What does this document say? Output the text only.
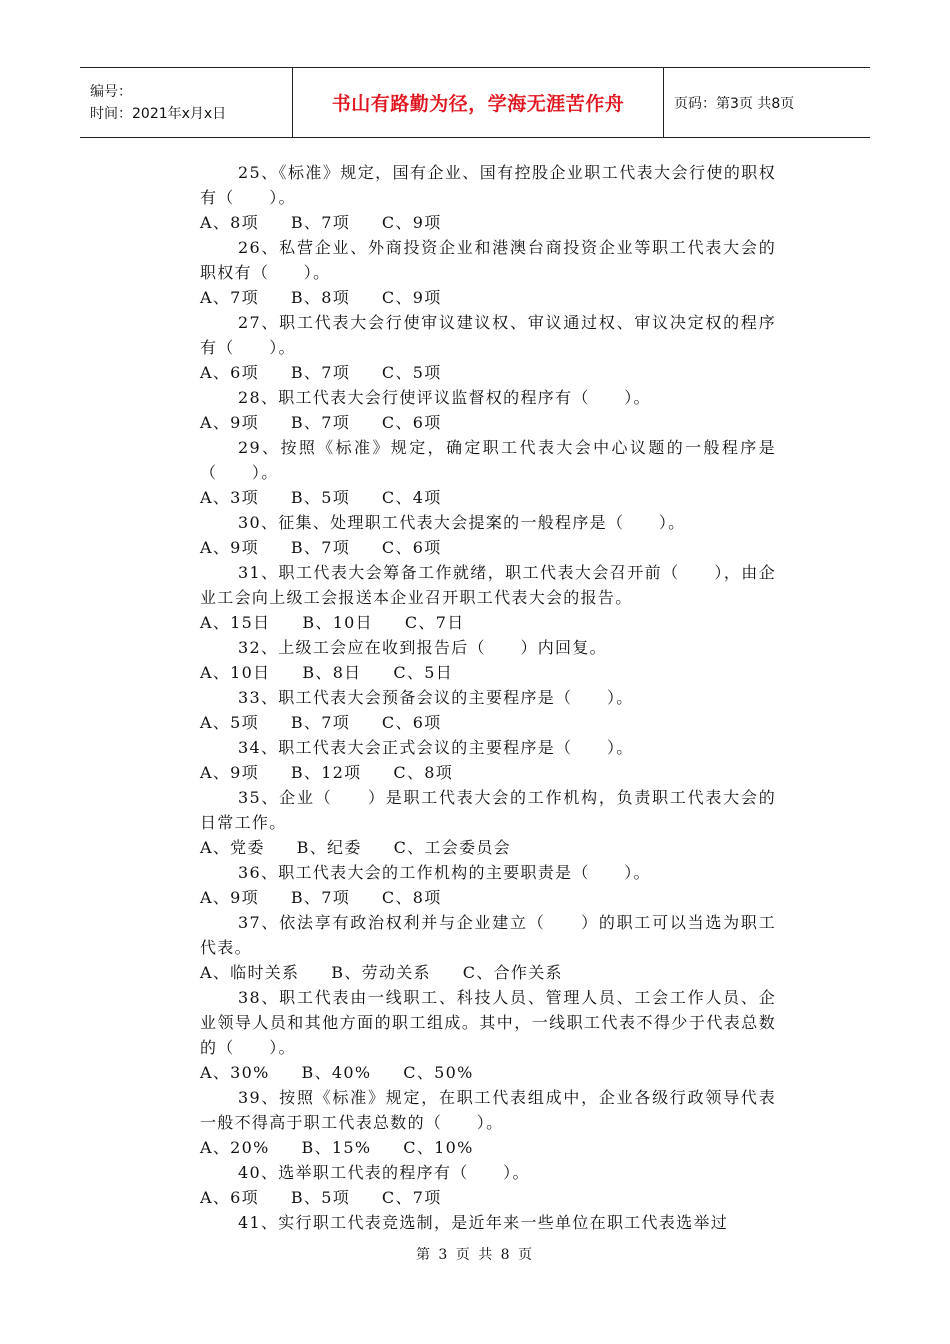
编号：
时间：2021年x月x日	书山有路勤为径，学海无涯苦作舟	页码：第3页 共8页

25、《标准》规定，国有企业、国有控股企业职工代表大会行使的职权有（　　）。

A、8项     B、7项     C、9项

26、私营企业、外商投资企业和港澳台商投资企业等职工代表大会的职权有（　　）。

A、7项     B、8项     C、9项

27、职工代表大会行使审议建议权、审议通过权、审议决定权的程序有（　　）。

A、6项     B、7项     C、5项

28、职工代表大会行使评议监督权的程序有（　　）。

A、9项     B、7项     C、6项

29、按照《标准》规定，确定职工代表大会中心议题的一般程序是（　　）。

A、3项     B、5项     C、4项

30、征集、处理职工代表大会提案的一般程序是（　　）。

A、9项     B、7项     C、6项

31、职工代表大会筹备工作就绪，职工代表大会召开前（　　），由企业工会向上级工会报送本企业召开职工代表大会的报告。

A、15日     B、10日     C、7日

32、上级工会应在收到报告后（　　）内回复。

A、10日     B、8日     C、5日

33、职工代表大会预备会议的主要程序是（　　）。

A、5项     B、7项     C、6项

34、职工代表大会正式会议的主要程序是（　　）。

A、9项     B、12项     C、8项

35、企业（　　）是职工代表大会的工作机构，负责职工代表大会的日常工作。

A、党委     B、纪委     C、工会委员会

36、职工代表大会的工作机构的主要职责是（　　）。

A、9项     B、7项     C、8项

37、依法享有政治权利并与企业建立（　　）的职工可以当选为职工代表。

A、临时关系     B、劳动关系     C、合作关系

38、职工代表由一线职工、科技人员、管理人员、工会工作人员、企业领导人员和其他方面的职工组成。其中，一线职工代表不得少于代表总数的（　　）。

A、30%     B、40%     C、50%

39、按照《标准》规定，在职工代表组成中，企业各级行政领导代表一般不得高于职工代表总数的（　　）。

A、20%     B、15%     C、10%

40、选举职工代表的程序有（　　）。

A、6项     B、5项     C、7项

41、实行职工代表竞选制，是近年来一些单位在职工代表选举过

第 3 页 共 8 页
